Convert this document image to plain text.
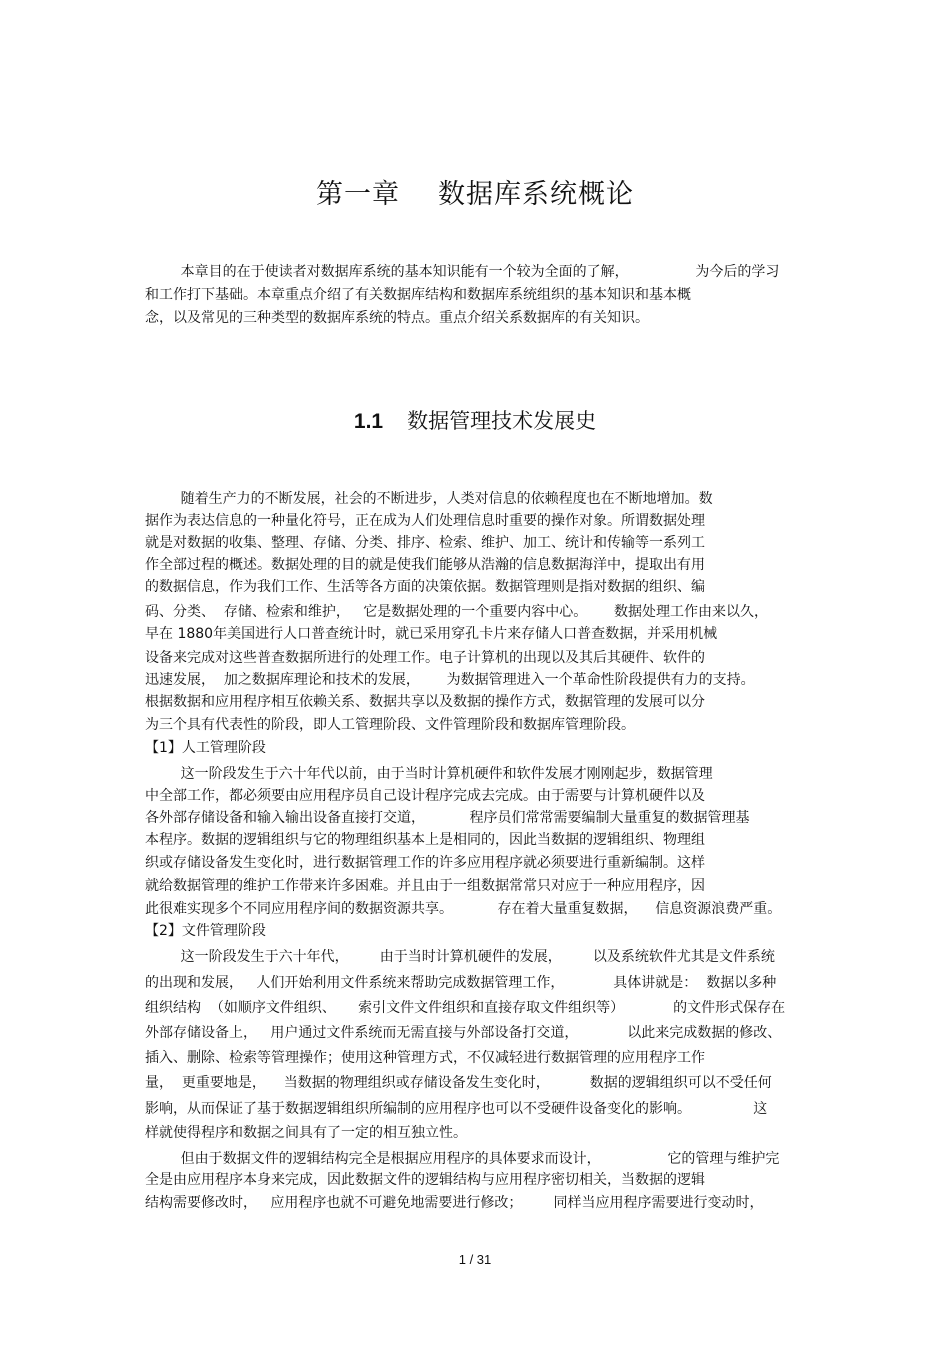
第一章 数据库系统概论
本章目的在于使读者对数据库系统的基本知识能有一个较为全面的了解，               为今后的学习
和工作打下基础。本章重点介绍了有关数据库结构和数据库系统组织的基本知识和基本概
念，以及常见的三种类型的数据库系统的特点。重点介绍关系数据库的有关知识。
1.1 数据管理技术发展史
随着生产力的不断发展，社会的不断进步，人类对信息的依赖程度也在不断地增加。数
据作为表达信息的一种量化符号，正在成为人们处理信息时重要的操作对象。所谓数据处理
就是对数据的收集、整理、存储、分类、排序、检索、维护、加工、统计和传输等一系列工
作全部过程的概述。数据处理的目的就是使我们能够从浩瀚的信息数据海洋中，提取出有用
的数据信息，作为我们工作、生活等各方面的决策依据。数据管理则是指对数据的组织、编
码、分类、  存储、检索和维护，   它是数据处理的一个重要内容中心。      数据处理工作由来以久，
早在 1880年美国进行人口普查统计时，就已采用穿孔卡片来存储人口普查数据，并采用机械
设备来完成对这些普查数据所进行的处理工作。电子计算机的出现以及其后其硬件、软件的
迅速发展，  加之数据库理论和技术的发展，      为数据管理进入一个革命性阶段提供有力的支持。
根据数据和应用程序相互依赖关系、数据共享以及数据的操作方式，数据管理的发展可以分
为三个具有代表性的阶段，即人工管理阶段、文件管理阶段和数据库管理阶段。
【1】人工管理阶段
这一阶段发生于六十年代以前，由于当时计算机硬件和软件发展才刚刚起步，数据管理
中全部工作，都必须要由应用程序员自己设计程序完成去完成。由于需要与计算机硬件以及
各外部存储设备和输入输出设备直接打交道，          程序员们常常需要编制大量重复的数据管理基
本程序。数据的逻辑组织与它的物理组织基本上是相同的，因此当数据的逻辑组织、物理组
织或存储设备发生变化时，进行数据管理工作的许多应用程序就必须要进行重新编制。这样
就给数据管理的维护工作带来许多困难。并且由于一组数据常常只对应于一种应用程序，因
此很难实现多个不同应用程序间的数据资源共享。          存在着大量重复数据，    信息资源浪费严重。
【2】文件管理阶段
这一阶段发生于六十年代，       由于当时计算机硬件的发展，       以及系统软件尤其是文件系统
的出现和发展，   人们开始利用文件系统来帮助完成数据管理工作，           具体讲就是：  数据以多种
组织结构  （如顺序文件组织、     索引文件文件组织和直接存取文件组织等）           的文件形式保存在
外部存储设备上，   用户通过文件系统而无需直接与外部设备打交道，           以此来完成数据的修改、
插入、删除、检索等管理操作；使用这种管理方式，不仅减轻进行数据管理的应用程序工作
量，  更重要地是，    当数据的物理组织或存储设备发生变化时，         数据的逻辑组织可以不受任何
影响，从而保证了基于数据逻辑组织所编制的应用程序也可以不受硬件设备变化的影响。              这
样就使得程序和数据之间具有了一定的相互独立性。
但由于数据文件的逻辑结构完全是根据应用程序的具体要求而设计，               它的管理与维护完
全是由应用程序本身来完成，因此数据文件的逻辑结构与应用程序密切相关，当数据的逻辑
结构需要修改时，   应用程序也就不可避免地需要进行修改；       同样当应用程序需要进行变动时，
1 / 31
